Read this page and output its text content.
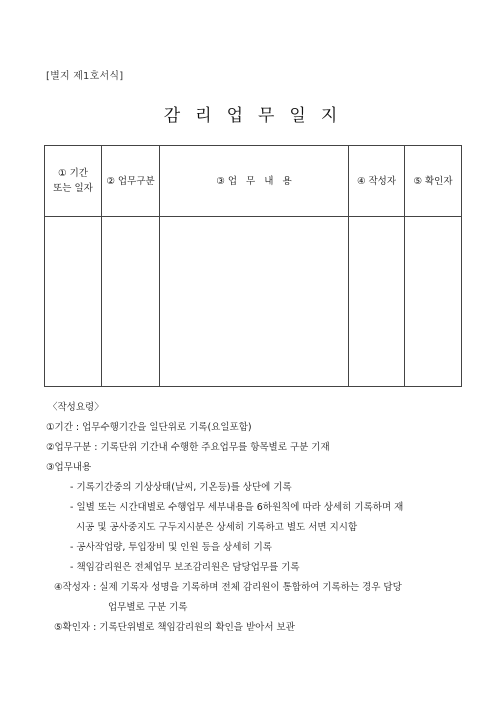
[별지 제1호서식]
감리업무일지
① 기간
또는 일자	② 업무구분	③ 업   무   내   용	④ 작성자	⑤ 확인자

〈작성요령〉
①기간 : 업무수행기간을 일단위로 기록(요일포함)
②업무구분 : 기록단위 기간내 수행한 주요업무를 항목별로 구분 기재
③업무내용
- 기록기간중의 기상상태(날씨, 기온등)를 상단에 기록
- 일별 또는 시간대별로 수행업무 세부내용을 6하원칙에 따라 상세히 기록하며 재
시공 및 공사중지도 구두지시분은 상세히 기록하고 별도 서면 지시함
- 공사작업량, 투입장비 및 인원 등을 상세히 기록
- 책임감리원은 전체업무 보조감리원은 담당업무를 기록
④작성자 : 실제 기록자 성명을 기록하며 전체 감리원이 통합하여 기록하는 경우 담당
업무별로 구분 기록
⑤확인자 : 기록단위별로 책임감리원의 확인을 받아서 보관
